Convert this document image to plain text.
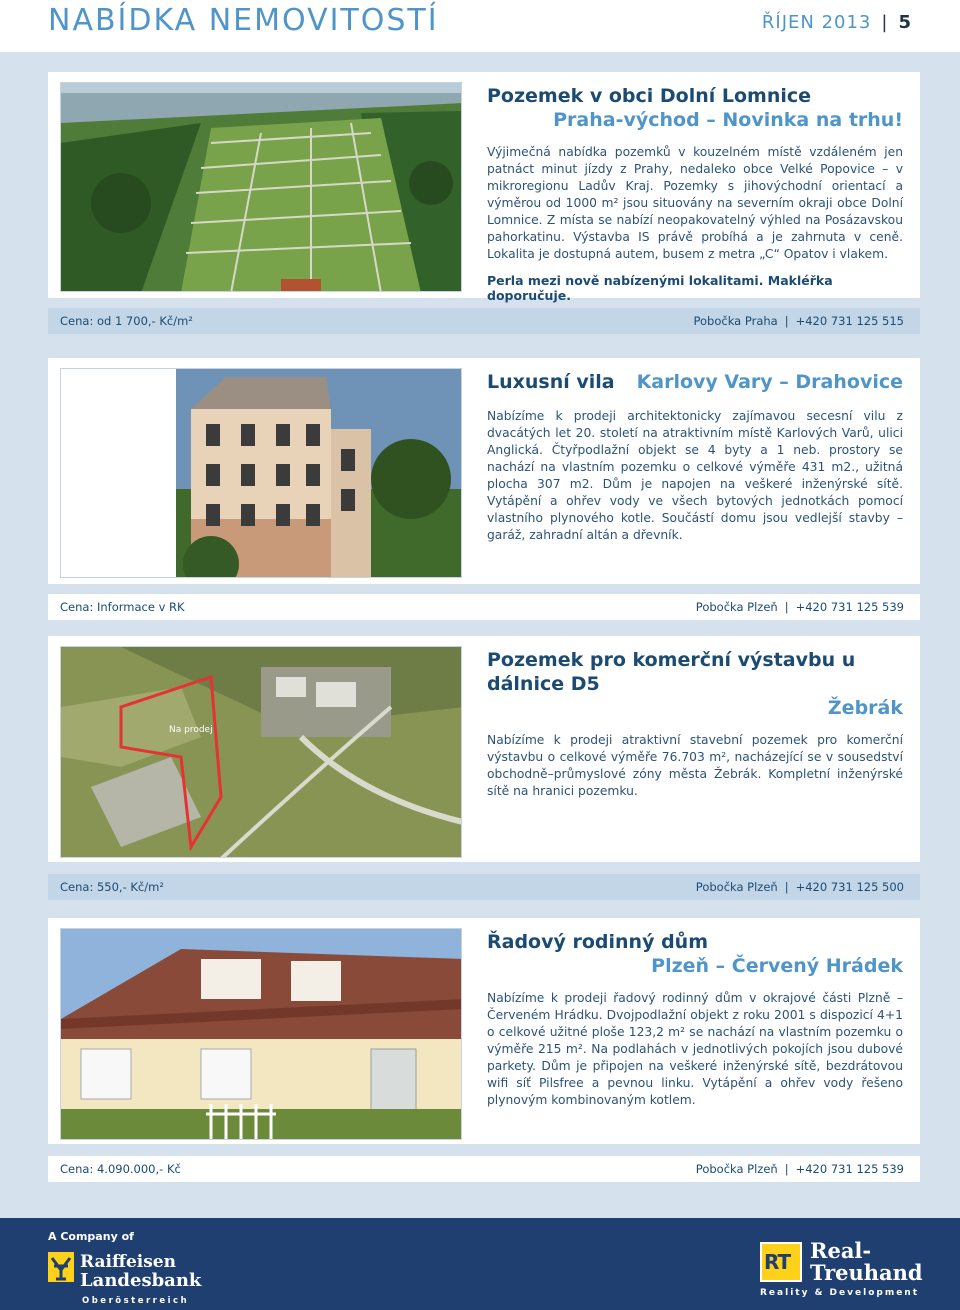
NABÍDKA NEMOVITOSTÍ	ŘÍJEN 2013 | 5
Pozemek v obci Dolní Lomnice
Praha-východ – Novinka na trhu!
Výjimečná nabídka pozemků v kouzelném místě vzdáleném jen patnáct minut jízdy z Prahy, nedaleko obce Velké Popovice – v mikroregionu Ladův Kraj. Pozemky s jihovýchodní orientací a výměrou od 1000 m² jsou situovány na severním okraji obce Dolní Lomnice. Z místa se nabízí neopakovatelný výhled na Posázavskou pahorkatinu. Výstavba IS právě probíhá a je zahrnuta v ceně. Lokalita je dostupná autem, busem z metra „C“ Opatov i vlakem.
Perla mezi nově nabízenými lokalitami. Makléřka doporučuje.
Cena: od 1 700,- Kč/m²	Pobočka Praha | +420 731 125 515
Luxusní vila Karlovy Vary – Drahovice
Nabízíme k prodeji architektonicky zajímavou secesní vilu z dvacátých let 20. století na atraktivním místě Karlových Varů, ulici Anglická. Čtyřpodlažní objekt se 4 byty a 1 neb. prostory se nachází na vlastním pozemku o celkové výměře 431 m2., užitná plocha 307 m2. Dům je napojen na veškeré inženýrské sítě. Vytápění a ohřev vody ve všech bytových jednotkách pomocí vlastního plynového kotle. Součástí domu jsou vedlejší stavby – garáž, zahradní altán a dřevník.
Cena: Informace v RK	Pobočka Plzeň | +420 731 125 539
Na prodej
Pozemek pro komerční výstavbu u dálnice D5
Žebrák
Nabízíme k prodeji atraktivní stavební pozemek pro komerční výstavbu o celkové výměře 76.703 m², nacházející se v sousedství obchodně–průmyslové zóny města Žebrák. Kompletní inženýrské sítě na hranici pozemku.
Cena: 550,- Kč/m²	Pobočka Plzeň | +420 731 125 500
Řadový rodinný dům
Plzeň – Červený Hrádek
Nabízíme k prodeji řadový rodinný dům v okrajové části Plzně – Červeném Hrádku. Dvojpodlažní objekt z roku 2001 s dispozicí 4+1 o celkové užitné ploše 123,2 m² se nachází na vlastním pozemku o výměře 215 m². Na podlahách v jednotlivých pokojích jsou dubové parkety. Dům je připojen na veškeré inženýrské sítě, bezdrátovou wifi síť Pilsfree a pevnou linku. Vytápění a ohřev vody řešeno plynovým kombinovaným kotlem.
Cena: 4.090.000,- Kč	Pobočka Plzeň | +420 731 125 539
A Company of
Raiffeisen
Landesbank
Oberösterreich
RT Real-
Treuhand
Reality & Development
